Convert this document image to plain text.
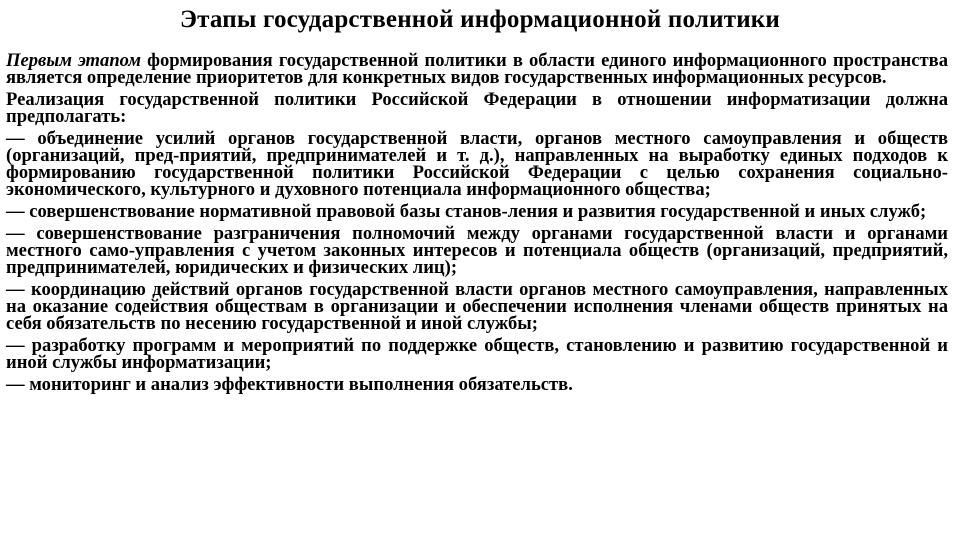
Этапы государственной информационной политики

Первым этапом формирования государственной политики в области единого информационного пространства является определение приоритетов для конкретных видов государственных информационных ресурсов.

Реализация государственной политики Российской Федерации в отношении информатизации должна предполагать:

— объединение усилий органов государственной власти, органов местного самоуправления и обществ (организаций, пред-приятий, предпринимателей и т. д.), направленных на выработку единых подходов к формированию государственной политики Российской Федерации с целью сохранения социально-экономического, культурного и духовного потенциала информационного общества;

— совершенствование нормативной правовой базы станов-ления и развития государственной и иных служб;

— совершенствование разграничения полномочий между органами государственной власти и органами местного само-управления с учетом законных интересов и потенциала обществ (организаций, предприятий, предпринимателей, юридических и физических лиц);

— координацию действий органов государственной власти органов местного самоуправления, направленных на оказание содействия обществам в организации и обеспечении исполнения членами обществ принятых на себя обязательств по несению государственной и иной службы;

— разработку программ и мероприятий по поддержке обществ, становлению и развитию государственной и иной службы информатизации;

— мониторинг и анализ эффективности выполнения обязательств.
